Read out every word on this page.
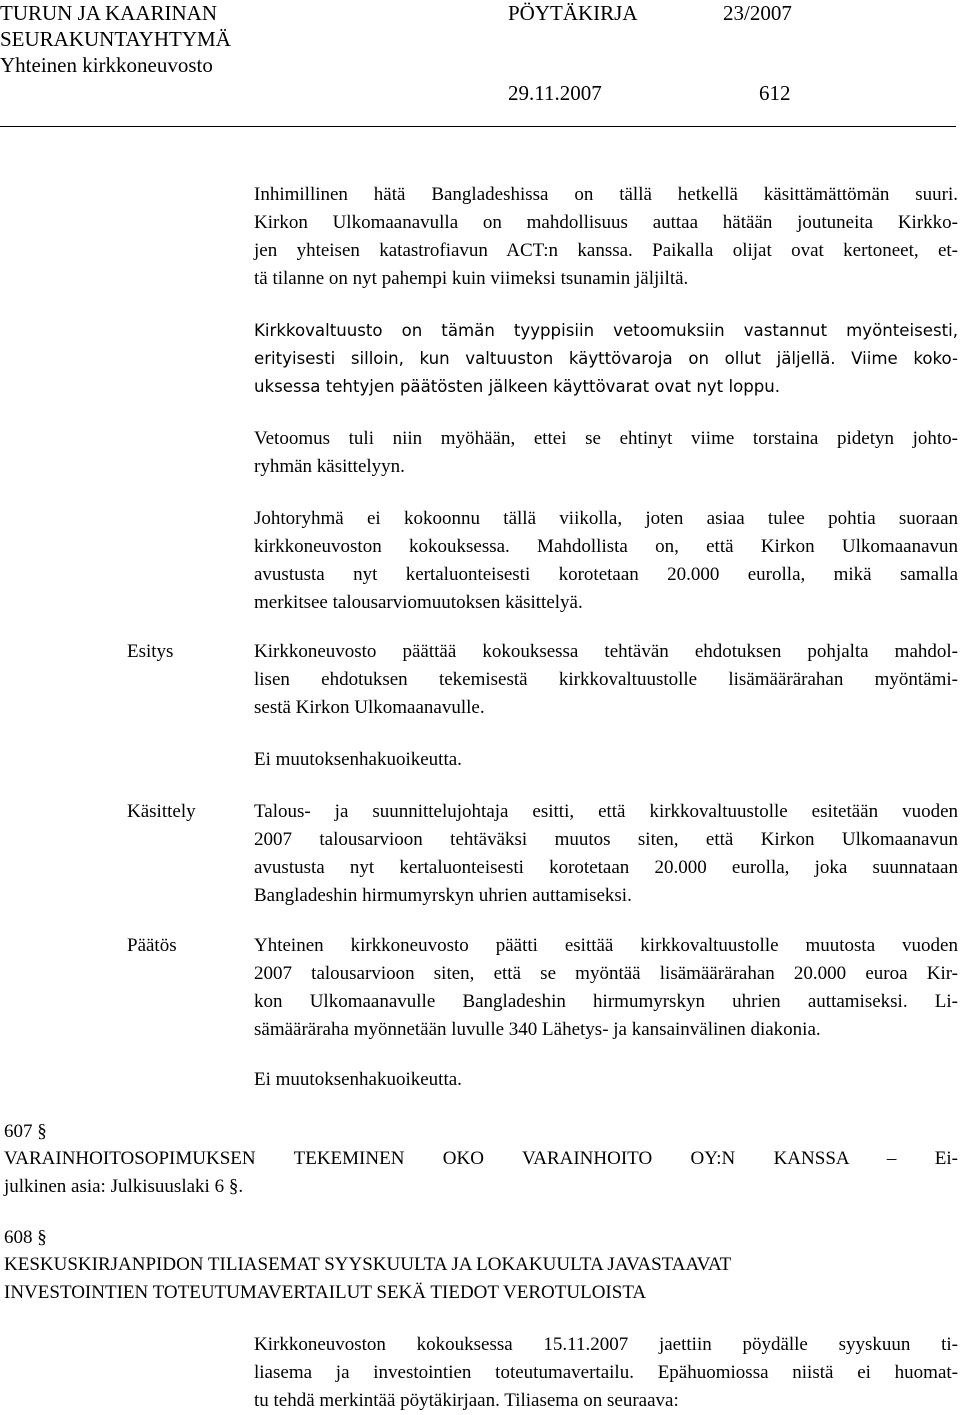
TURUN JA KAARINAN
SEURAKUNTAYHTYMÄ
Yhteinen kirkkoneuvosto
PÖYTÄKIRJA	23/2007
29.11.2007	612
Inhimillinen hätä Bangladeshissa on tällä hetkellä käsittämättömän suuri.
Kirkon Ulkomaanavulla on mahdollisuus auttaa hätään joutuneita Kirkko-
jen yhteisen katastrofiavun ACT:n kanssa. Paikalla olijat ovat kertoneet, et-
tä tilanne on nyt pahempi kuin viimeksi tsunamin jäljiltä.
Kirkkovaltuusto on tämän tyyppisiin vetoomuksiin vastannut myönteisesti,
erityisesti silloin, kun valtuuston käyttövaroja on ollut jäljellä. Viime koko-
uksessa tehtyjen päätösten jälkeen käyttövarat ovat nyt loppu.
Vetoomus tuli niin myöhään, ettei se ehtinyt viime torstaina pidetyn johto-
ryhmän käsittelyyn.
Johtoryhmä ei kokoonnu tällä viikolla, joten asiaa tulee pohtia suoraan
kirkkoneuvoston kokouksessa. Mahdollista on, että Kirkon Ulkomaanavun
avustusta nyt kertaluonteisesti korotetaan 20.000 eurolla, mikä samalla
merkitsee talousarviomuutoksen käsittelyä.
Esitys	Kirkkoneuvosto päättää kokouksessa tehtävän ehdotuksen pohjalta mahdol-
lisen ehdotuksen tekemisestä kirkkovaltuustolle lisämäärärahan myöntämi-
sestä Kirkon Ulkomaanavulle.
Ei muutoksenhakuoikeutta.
Käsittely	Talous- ja suunnittelujohtaja esitti, että kirkkovaltuustolle esitetään vuoden
2007 talousarvioon tehtäväksi muutos siten, että Kirkon Ulkomaanavun
avustusta nyt kertaluonteisesti korotetaan 20.000 eurolla, joka suunnataan
Bangladeshin hirmumyrskyn uhrien auttamiseksi.
Päätös	Yhteinen kirkkoneuvosto päätti esittää kirkkovaltuustolle muutosta vuoden
2007 talousarvioon siten, että se myöntää lisämäärärahan 20.000 euroa Kir-
kon Ulkomaanavulle Bangladeshin hirmumyrskyn uhrien auttamiseksi. Li-
sämääräraha myönnetään luvulle 340 Lähetys- ja kansainvälinen diakonia.
Ei muutoksenhakuoikeutta.
607 §
VARAINHOITOSOPIMUKSEN TEKEMINEN OKO VARAINHOITO OY:N KANSSA – Ei-
julkinen asia: Julkisuuslaki 6 §.
608 §
KESKUSKIRJANPIDON TILIASEMAT SYYSKUULTA JA LOKAKUULTA JAVASTAAVAT
INVESTOINTIEN TOTEUTUMAVERTAILUT SEKÄ TIEDOT VEROTULOISTA
Kirkkoneuvoston kokouksessa 15.11.2007 jaettiin pöydälle syyskuun ti-
liasema ja investointien toteutumavertailu. Epähuomiossa niistä ei huomat-
tu tehdä merkintää pöytäkirjaan. Tiliasema on seuraava:
